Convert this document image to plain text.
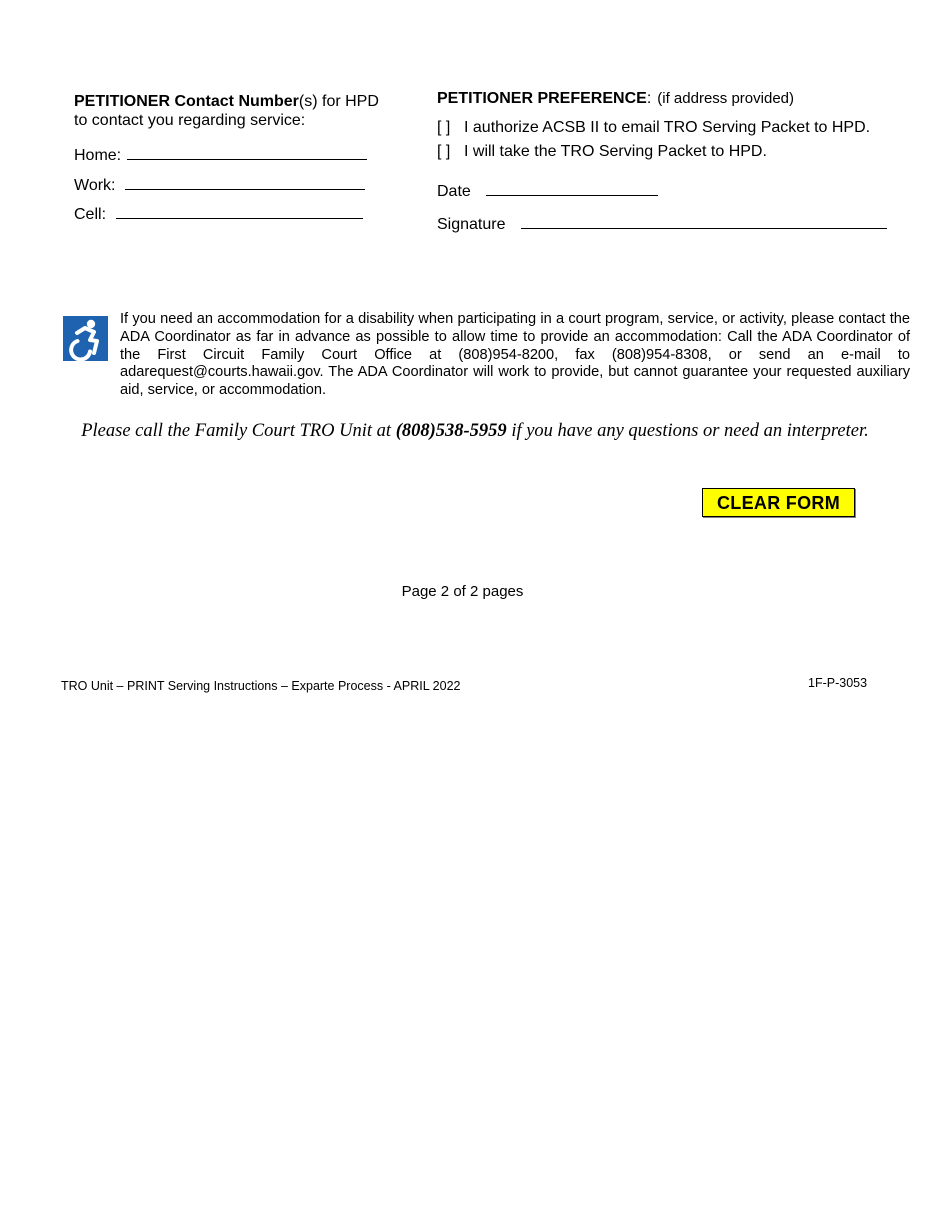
PETITIONER Contact Number(s) for HPD to contact you regarding service:
Home:
Work:
Cell:
PETITIONER PREFERENCE: (if address provided)
[ ] I authorize ACSB II to email TRO Serving Packet to HPD.
[ ] I will take the TRO Serving Packet to HPD.
Date
Signature
If you need an accommodation for a disability when participating in a court program, service, or activity, please contact the ADA Coordinator as far in advance as possible to allow time to provide an accommodation: Call the ADA Coordinator of the First Circuit Family Court Office at (808)954-8200, fax (808)954-8308, or send an e-mail to adarequest@courts.hawaii.gov. The ADA Coordinator will work to provide, but cannot guarantee your requested auxiliary aid, service, or accommodation.
Please call the Family Court TRO Unit at (808)538-5959 if you have any questions or need an interpreter.
CLEAR FORM
Page 2 of 2 pages
TRO Unit – PRINT Serving Instructions – Exparte Process - APRIL 2022	1F-P-3053
